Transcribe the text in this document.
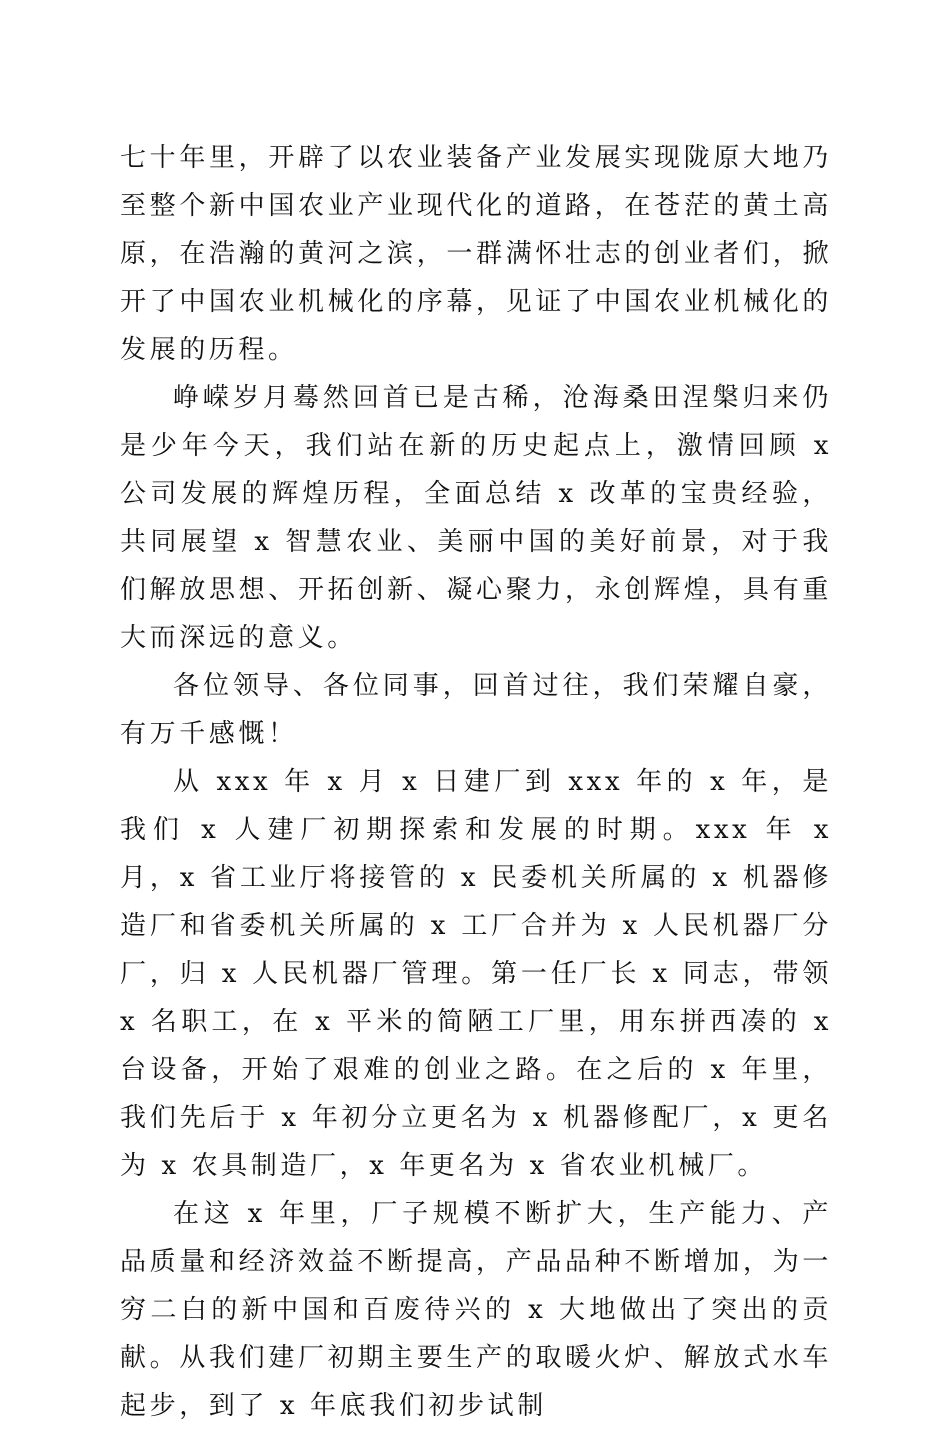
七十年里，开辟了以农业装备产业发展实现陇原大地乃至整个新中国农业产业现代化的道路，在苍茫的黄土高原，在浩瀚的黄河之滨，一群满怀壮志的创业者们，掀开了中国农业机械化的序幕，见证了中国农业机械化的发展的历程。

峥嵘岁月蓦然回首已是古稀，沧海桑田涅槃归来仍是少年今天，我们站在新的历史起点上，激情回顾 x 公司发展的辉煌历程，全面总结 x 改革的宝贵经验，共同展望 x 智慧农业、美丽中国的美好前景，对于我们解放思想、开拓创新、凝心聚力，永创辉煌，具有重大而深远的意义。

各位领导、各位同事，回首过往，我们荣耀自豪，有万千感慨！

从 xxx 年 x 月 x 日建厂到 xxx 年的 x 年，是我们 x 人建厂初期探索和发展的时期。xxx 年 x 月，x 省工业厅将接管的 x 民委机关所属的 x 机器修造厂和省委机关所属的 x 工厂合并为 x 人民机器厂分厂，归 x 人民机器厂管理。第一任厂长 x 同志，带领 x 名职工，在 x 平米的简陋工厂里，用东拼西凑的 x 台设备，开始了艰难的创业之路。在之后的 x 年里，我们先后于 x 年初分立更名为 x 机器修配厂，x 更名为 x 农具制造厂，x 年更名为 x 省农业机械厂。

在这 x 年里，厂子规模不断扩大，生产能力、产品质量和经济效益不断提高，产品品种不断增加，为一穷二白的新中国和百废待兴的 x 大地做出了突出的贡献。从我们建厂初期主要生产的取暖火炉、解放式水车起步，到了 x 年底我们初步试制
